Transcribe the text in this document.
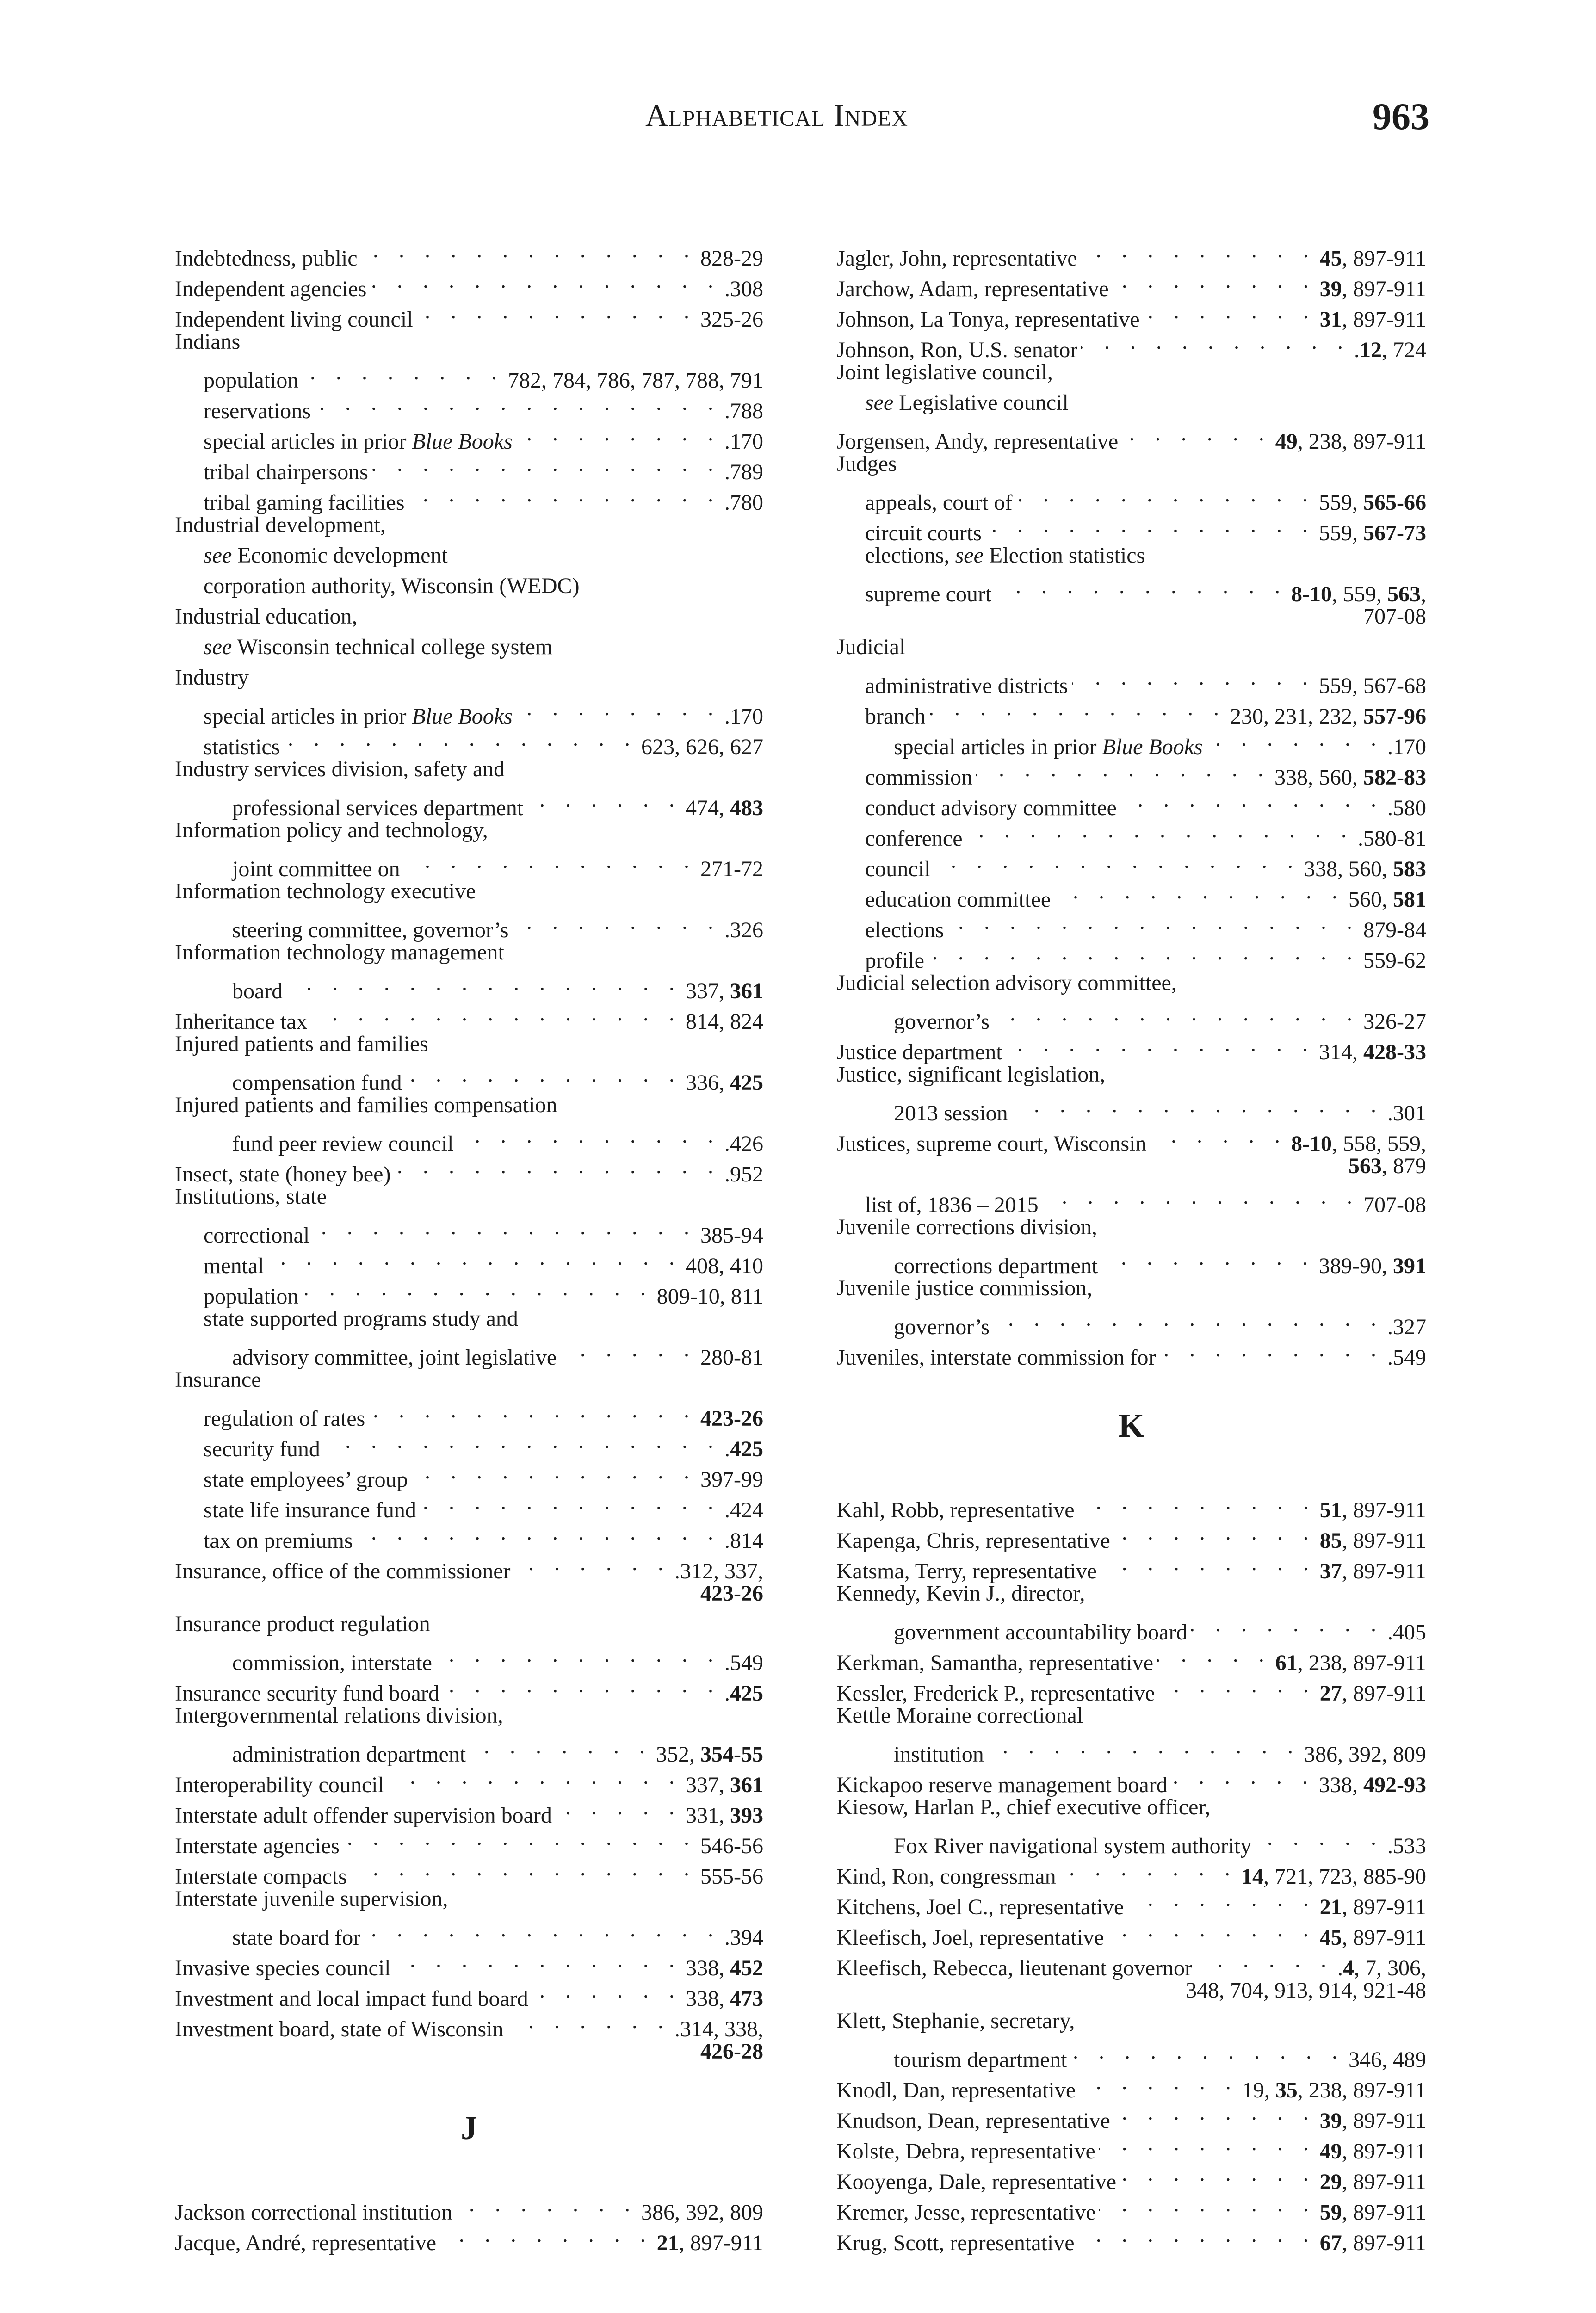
Alphabetical Index	963
Indebtedness, public . . .	828-29
Independent agencies . . .	.308
Independent living council . . .	325-26
Indians
population . . .	782, 784, 786, 787, 788, 791
reservations . . .	.788
special articles in prior Blue Books . . .	.170
tribal chairpersons . . .	.789
tribal gaming facilities . . .	.780
Industrial development,
see Economic development
corporation authority, Wisconsin (WEDC)
Industrial education,
see Wisconsin technical college system
Industry
special articles in prior Blue Books . . .	.170
statistics . . .	623, 626, 627
Industry services division, safety and
professional services department . . .	474, 483
Information policy and technology,
joint committee on . . .	271-72
Information technology executive
steering committee, governor’s . . .	.326
Information technology management
board . . .	337, 361
Inheritance tax . . .	814, 824
Injured patients and families
compensation fund . . .	336, 425
Injured patients and families compensation
fund peer review council . . .	.426
Insect, state (honey bee) . . .	.952
Institutions, state
correctional . . .	385-94
mental . . .	408, 410
population . . .	809-10, 811
state supported programs study and
advisory committee, joint legislative . . .	280-81
Insurance
regulation of rates . . .	423-26
security fund . . .	.425
state employees’ group . . .	397-99
state life insurance fund . . .	.424
tax on premiums . . .	.814
Insurance, office of the commissioner . . .	.312, 337,
423-26
Insurance product regulation
commission, interstate . . .	.549
Insurance security fund board . . .	.425
Intergovernmental relations division,
administration department . . .	352, 354-55
Interoperability council . . .	337, 361
Interstate adult offender supervision board . . .	331, 393
Interstate agencies . . .	546-56
Interstate compacts . . .	555-56
Interstate juvenile supervision,
state board for . . .	.394
Invasive species council . . .	338, 452
Investment and local impact fund board . . .	338, 473
Investment board, state of Wisconsin . . .	.314, 338,
426-28
J
Jackson correctional institution . . .	386, 392, 809
Jacque, André, representative . . .	21, 897-911
Jagler, John, representative . . .	45, 897-911
Jarchow, Adam, representative . . .	39, 897-911
Johnson, La Tonya, representative . . .	31, 897-911
Johnson, Ron, U.S. senator . . .	.12, 724
Joint legislative council,
see Legislative council
Jorgensen, Andy, representative . . .	49, 238, 897-911
Judges
appeals, court of . . .	559, 565-66
circuit courts . . .	559, 567-73
elections, see Election statistics
supreme court . . .	8-10, 559, 563,
707-08
Judicial
administrative districts . . .	559, 567-68
branch . . .	230, 231, 232, 557-96
special articles in prior Blue Books . . .	.170
commission . . .	338, 560, 582-83
conduct advisory committee . . .	.580
conference . . .	.580-81
council . . .	338, 560, 583
education committee . . .	560, 581
elections . . .	879-84
profile . . .	559-62
Judicial selection advisory committee,
governor’s . . .	326-27
Justice department . . .	314, 428-33
Justice, significant legislation,
2013 session . . .	.301
Justices, supreme court, Wisconsin . . .	8-10, 558, 559,
563 , 879
list of, 1836 – 2015 . . .	707-08
Juvenile corrections division,
corrections department . . .	389-90, 391
Juvenile justice commission,
governor’s . . .	.327
Juveniles, interstate commission for . . .	.549
K
Kahl, Robb, representative . . .	51, 897-911
Kapenga, Chris, representative . . .	85, 897-911
Katsma, Terry, representative . . .	37, 897-911
Kennedy, Kevin J., director,
government accountability board . . .	.405
Kerkman, Samantha, representative . . .	61, 238, 897-911
Kessler, Frederick P., representative . . .	27, 897-911
Kettle Moraine correctional
institution . . .	386, 392, 809
Kickapoo reserve management board . . .	338, 492-93
Kiesow, Harlan P., chief executive officer,
Fox River navigational system authority . . .	.533
Kind, Ron, congressman . . .	14, 721, 723, 885-90
Kitchens, Joel C., representative . . .	21, 897-911
Kleefisch, Joel, representative . . .	45, 897-911
Kleefisch, Rebecca, lieutenant governor . . .	.4, 7, 306,
348, 704, 913, 914, 921-48
Klett, Stephanie, secretary,
tourism department . . .	346, 489
Knodl, Dan, representative . . .	19, 35, 238, 897-911
Knudson, Dean, representative . . .	39, 897-911
Kolste, Debra, representative . . .	49, 897-911
Kooyenga, Dale, representative . . .	29, 897-911
Kremer, Jesse, representative . . .	59, 897-911
Krug, Scott, representative . . .	67, 897-911
